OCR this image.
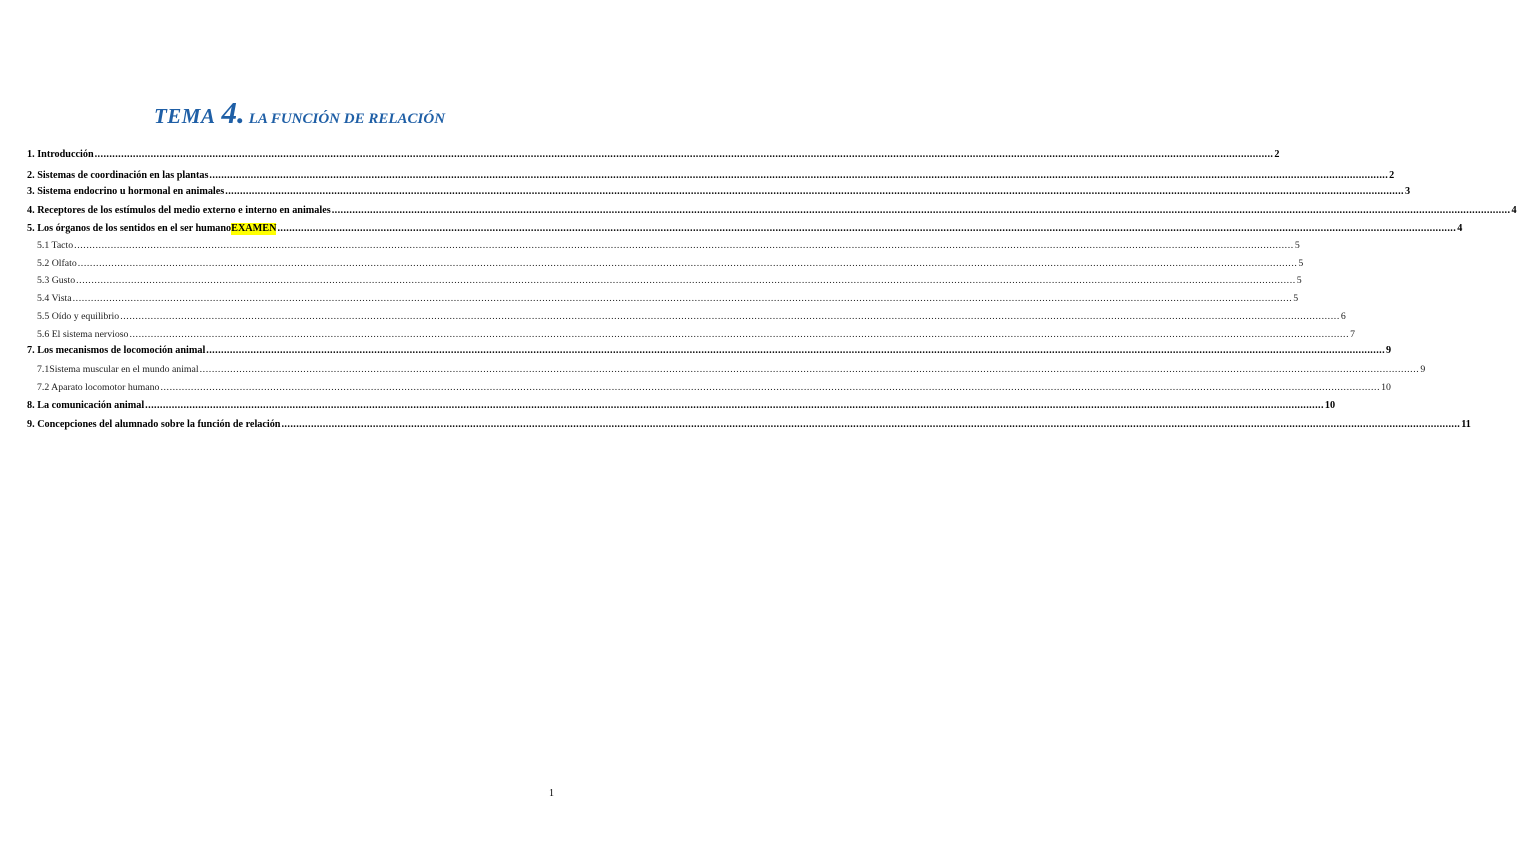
TEMA 4. LA FUNCIÓN DE RELACIÓN
1. Introducción ................................................................................................................................................................................................................................................................................................................................................................................................................ 2
2. Sistemas de coordinación en las plantas ................................................................................................................................................................................................................................................................................................................................................................................................................ 2
3. Sistema endocrino u hormonal en animales ................................................................................................................................................................................................................................................................................................................................................................................................................ 3
4. Receptores de los estímulos del medio externo e interno en animales ................................................................................................................................................................................................................................................................................................................................................................................................................ 4
5. Los órganos de los sentidos en el ser humano EXAMEN ................................................................................................................................................................................................................................................................................................................................................................................................................ 4
5.1 Tacto ................................................................................................................................................................................................................................................................................................................................................................................................................ 5
5.2 Olfato ................................................................................................................................................................................................................................................................................................................................................................................................................ 5
5.3 Gusto ................................................................................................................................................................................................................................................................................................................................................................................................................ 5
5.4 Vista ................................................................................................................................................................................................................................................................................................................................................................................................................ 5
5.5 Oído y equilibrio ................................................................................................................................................................................................................................................................................................................................................................................................................ 6
5.6 El sistema nervioso ................................................................................................................................................................................................................................................................................................................................................................................................................ 7
7. Los mecanismos de locomoción animal ................................................................................................................................................................................................................................................................................................................................................................................................................ 9
7.1Sistema muscular en el mundo animal ................................................................................................................................................................................................................................................................................................................................................................................................................ 9
7.2 Aparato locomotor humano ................................................................................................................................................................................................................................................................................................................................................................................................................ 10
8. La comunicación animal ................................................................................................................................................................................................................................................................................................................................................................................................................ 10
9. Concepciones del alumnado sobre la función de relación ................................................................................................................................................................................................................................................................................................................................................................................................................ 11
1
